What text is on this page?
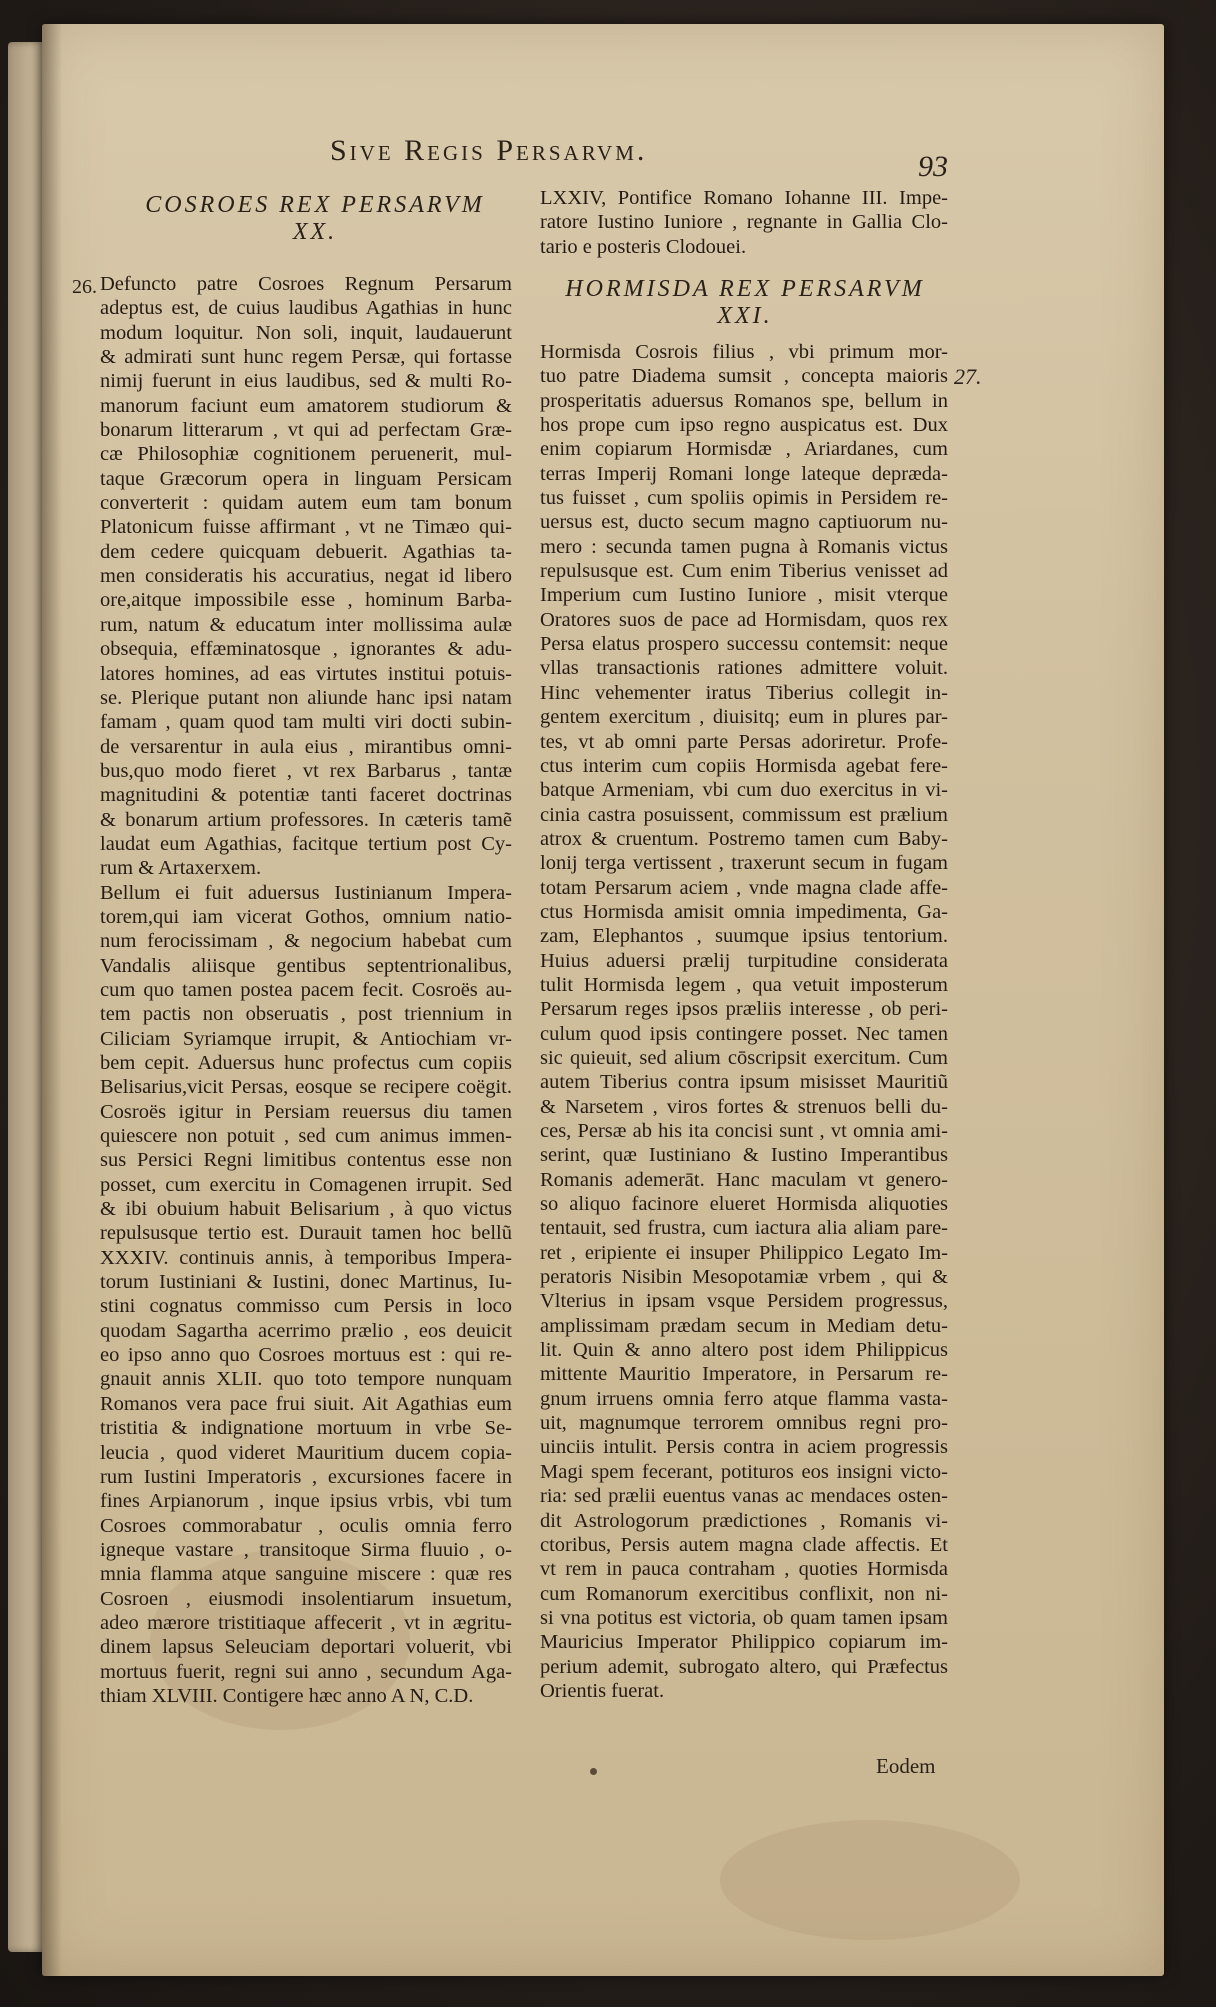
Sive Regis Persarvm.	93
26.
27.
COSROES REX PERSARVM
XX.
HORMISDA REX PERSARVM
XXI.
Defuncto patre Cosroes Regnum Persarum
adeptus est, de cuius laudibus Agathias in hunc
modum loquitur. Non soli, inquit, laudauerunt
& admirati sunt hunc regem Persæ, qui fortasse
nimij fuerunt in eius laudibus, sed & multi Ro-
manorum faciunt eum amatorem studiorum &
bonarum litterarum , vt qui ad perfectam Græ-
cæ Philosophiæ cognitionem peruenerit, mul-
taque Græcorum opera in linguam Persicam
converterit : quidam autem eum tam bonum
Platonicum fuisse affirmant , vt ne Timæo qui-
dem cedere quicquam debuerit. Agathias ta-
men consideratis his accuratius, negat id libero
ore,aitque impossibile esse , hominum Barba-
rum, natum & educatum inter mollissima aulæ
obsequia, effæminatosque , ignorantes & adu-
latores homines, ad eas virtutes institui potuis-
se. Plerique putant non aliunde hanc ipsi natam
famam , quam quod tam multi viri docti subin-
de versarentur in aula eius , mirantibus omni-
bus,quo modo fieret , vt rex Barbarus , tantæ
magnitudini & potentiæ tanti faceret doctrinas
& bonarum artium professores. In cæteris tamẽ
laudat eum Agathias, facitque tertium post Cy-
rum & Artaxerxem.
Bellum ei fuit aduersus Iustinianum Impera-
torem,qui iam vicerat Gothos, omnium natio-
num ferocissimam , & negocium habebat cum
Vandalis aliisque gentibus septentrionalibus,
cum quo tamen postea pacem fecit. Cosroës au-
tem pactis non obseruatis , post triennium in
Ciliciam Syriamque irrupit, & Antiochiam vr-
bem cepit. Aduersus hunc profectus cum copiis
Belisarius,vicit Persas, eosque se recipere coëgit.
Cosroës igitur in Persiam reuersus diu tamen
quiescere non potuit , sed cum animus immen-
sus Persici Regni limitibus contentus esse non
posset, cum exercitu in Comagenen irrupit. Sed
& ibi obuium habuit Belisarium , à quo victus
repulsusque tertio est. Durauit tamen hoc bellũ
XXXIV. continuis annis, à temporibus Impera-
torum Iustiniani & Iustini, donec Martinus, Iu-
stini cognatus commisso cum Persis in loco
quodam Sagartha acerrimo prælio , eos deuicit
eo ipso anno quo Cosroes mortuus est : qui re-
gnauit annis XLII. quo toto tempore nunquam
Romanos vera pace frui siuit. Ait Agathias eum
tristitia & indignatione mortuum in vrbe Se-
leucia , quod videret Mauritium ducem copia-
rum Iustini Imperatoris , excursiones facere in
fines Arpianorum , inque ipsius vrbis, vbi tum
Cosroes commorabatur , oculis omnia ferro
igneque vastare , transitoque Sirma fluuio , o-
mnia flamma atque sanguine miscere : quæ res
Cosroen , eiusmodi insolentiarum insuetum,
adeo mærore tristitiaque affecerit , vt in ægritu-
dinem lapsus Seleuciam deportari voluerit, vbi
mortuus fuerit, regni sui anno , secundum Aga-
thiam XLVIII. Contigere hæc anno A N, C.D.
LXXIV, Pontifice Romano Iohanne III. Impe-
ratore Iustino Iuniore , regnante in Gallia Clo-
tario e posteris Clodouei.
Hormisda Cosrois filius , vbi primum mor-
tuo patre Diadema sumsit , concepta maioris
prosperitatis aduersus Romanos spe, bellum in
hos prope cum ipso regno auspicatus est. Dux
enim copiarum Hormisdæ , Ariardanes, cum
terras Imperij Romani longe lateque deprædа-
tus fuisset , cum spoliis opimis in Persidem re-
uersus est, ducto secum magno captiuorum nu-
mero : secunda tamen pugna à Romanis victus
repulsusque est. Cum enim Tiberius venisset ad
Imperium cum Iustino Iuniore , misit vterque
Oratores suos de pace ad Hormisdam, quos rex
Persa elatus prospero successu contemsit: neque
vllas transactionis rationes admittere voluit.
Hinc vehementer iratus Tiberius collegit in-
gentem exercitum , diuisitq; eum in plures par-
tes, vt ab omni parte Persas adoriretur. Profe-
ctus interim cum copiis Hormisda agebat fere-
batque Armeniam, vbi cum duo exercitus in vi-
cinia castra posuissent, commissum est prælium
atrox & cruentum. Postremo tamen cum Baby-
lonij terga vertissent , traxerunt secum in fugam
totam Persarum aciem , vnde magna clade affe-
ctus Hormisda amisit omnia impedimenta, Ga-
zam, Elephantos , suumque ipsius tentorium.
Huius aduersi prælij turpitudine considerata
tulit Hormisda legem , qua vetuit imposterum
Persarum reges ipsos præliis interesse , ob peri-
culum quod ipsis contingere posset. Nec tamen
sic quieuit, sed alium cōscripsit exercitum. Cum
autem Tiberius contra ipsum misisset Mauritiũ
& Narsetem , viros fortes & strenuos belli du-
ces, Persæ ab his ita concisi sunt , vt omnia ami-
serint, quæ Iustiniano & Iustino Imperantibus
Romanis ademerāt. Hanc maculam vt genero-
so aliquo facinore elueret Hormisda aliquoties
tentauit, sed frustra, cum iactura alia aliam pare-
ret , eripiente ei insuper Philippico Legato Im-
peratoris Nisibin Mesopotamiæ vrbem , qui &
Vlterius in ipsam vsque Persidem progressus,
amplissimam prædam secum in Mediam detu-
lit. Quin & anno altero post idem Philippicus
mittente Mauritio Imperatore, in Persarum re-
gnum irruens omnia ferro atque flamma vasta-
uit, magnumque terrorem omnibus regni pro-
uinciis intulit. Persis contra in aciem progressis
Magi spem fecerant, potituros eos insigni victo-
ria: sed prælii euentus vanas ac mendaces osten-
dit Astrologorum prædictiones , Romanis vi-
ctoribus, Persis autem magna clade affectis. Et
vt rem in pauca contraham , quoties Hormisda
cum Romanorum exercitibus conflixit, non ni-
si vna potitus est victoria, ob quam tamen ipsam
Mauricius Imperator Philippico copiarum im-
perium ademit, subrogato altero, qui Præfectus
Orientis fuerat.
Eodem
